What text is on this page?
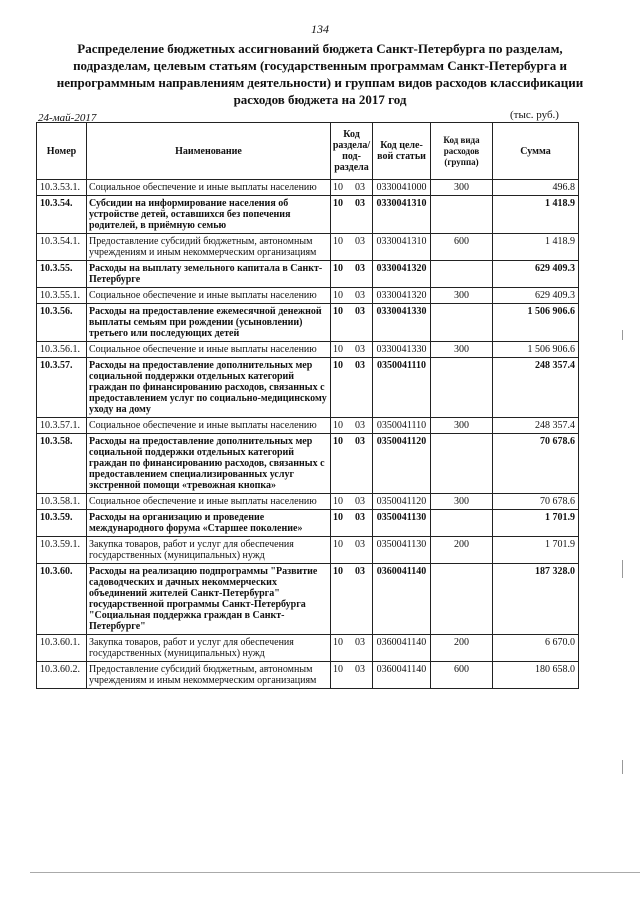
134
Распределение бюджетных ассигнований бюджета Санкт-Петербурга по разделам, подразделам, целевым статьям (государственным программам Санкт-Петербурга и непрограммным направлениям деятельности) и группам видов расходов классификации расходов бюджета на 2017 год
24-май-2017	(тыс. руб.)
Номер	Наименование	Код раздела/ под-раздела	Код целе-вой статьи	Код вида расходов (группа)	Сумма
10.3.53.1.	Социальное обеспечение и иные выплаты населению	10 03	0330041000	300	496.8
10.3.54.	Субсидии на информирование населения об устройстве детей, оставшихся без попечения родителей, в приёмную семью	10 03	0330041310		1 418.9
10.3.54.1.	Предоставление субсидий бюджетным, автономным учреждениям и иным некоммерческим организациям	10 03	0330041310	600	1 418.9
10.3.55.	Расходы на выплату земельного капитала в Санкт-Петербурге	10 03	0330041320		629 409.3
10.3.55.1.	Социальное обеспечение и иные выплаты населению	10 03	0330041320	300	629 409.3
10.3.56.	Расходы на предоставление ежемесячной денежной выплаты семьям при рождении (усыновлении) третьего или последующих детей	10 03	0330041330		1 506 906.6
10.3.56.1.	Социальное обеспечение и иные выплаты населению	10 03	0330041330	300	1 506 906.6
10.3.57.	Расходы на предоставление дополнительных мер социальной поддержки отдельных категорий граждан по финансированию расходов, связанных с предоставлением услуг по социально-медицинскому уходу на дому	10 03	0350041110		248 357.4
10.3.57.1.	Социальное обеспечение и иные выплаты населению	10 03	0350041110	300	248 357.4
10.3.58.	Расходы на предоставление дополнительных мер социальной поддержки отдельных категорий граждан по финансированию расходов, связанных с предоставлением специализированных услуг экстренной помощи «тревожная кнопка»	10 03	0350041120		70 678.6
10.3.58.1.	Социальное обеспечение и иные выплаты населению	10 03	0350041120	300	70 678.6
10.3.59.	Расходы на организацию и проведение международного форума «Старшее поколение»	10 03	0350041130		1 701.9
10.3.59.1.	Закупка товаров, работ и услуг для обеспечения государственных (муниципальных) нужд	10 03	0350041130	200	1 701.9
10.3.60.	Расходы на реализацию подпрограммы "Развитие садоводческих и дачных некоммерческих объединений жителей Санкт-Петербурга" государственной программы Санкт-Петербурга "Социальная поддержка граждан в Санкт-Петербурге"	10 03	0360041140		187 328.0
10.3.60.1.	Закупка товаров, работ и услуг для обеспечения государственных (муниципальных) нужд	10 03	0360041140	200	6 670.0
10.3.60.2.	Предоставление субсидий бюджетным, автономным учреждениям и иным некоммерческим организациям	10 03	0360041140	600	180 658.0
